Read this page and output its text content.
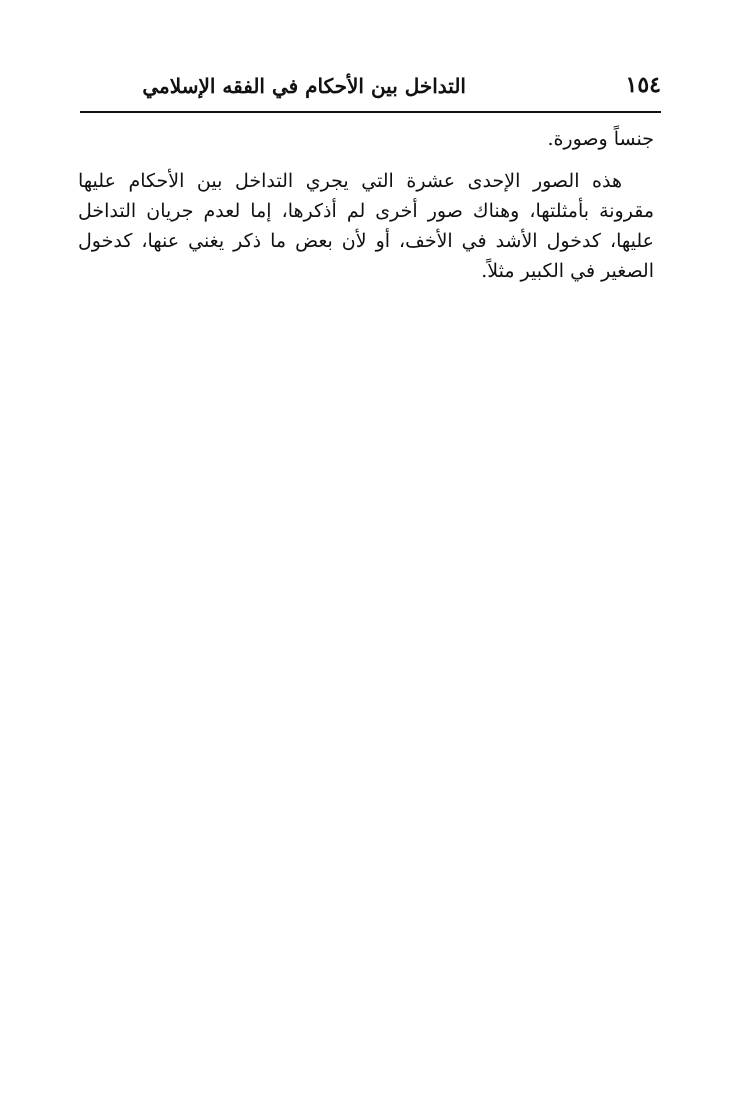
التداخل بين الأحكام في الفقه الإسلامي	١٥٤

جنساً وصورة.

هذه الصور الإحدى عشرة التي يجري التداخل بين الأحكام عليها مقرونة بأمثلتها، وهناك صور أخرى لم أذكرها، إما لعدم جريان التداخل عليها، كدخول الأشد في الأخف، أو لأن بعض ما ذكر يغني عنها، كدخول الصغير في الكبير مثلاً.
